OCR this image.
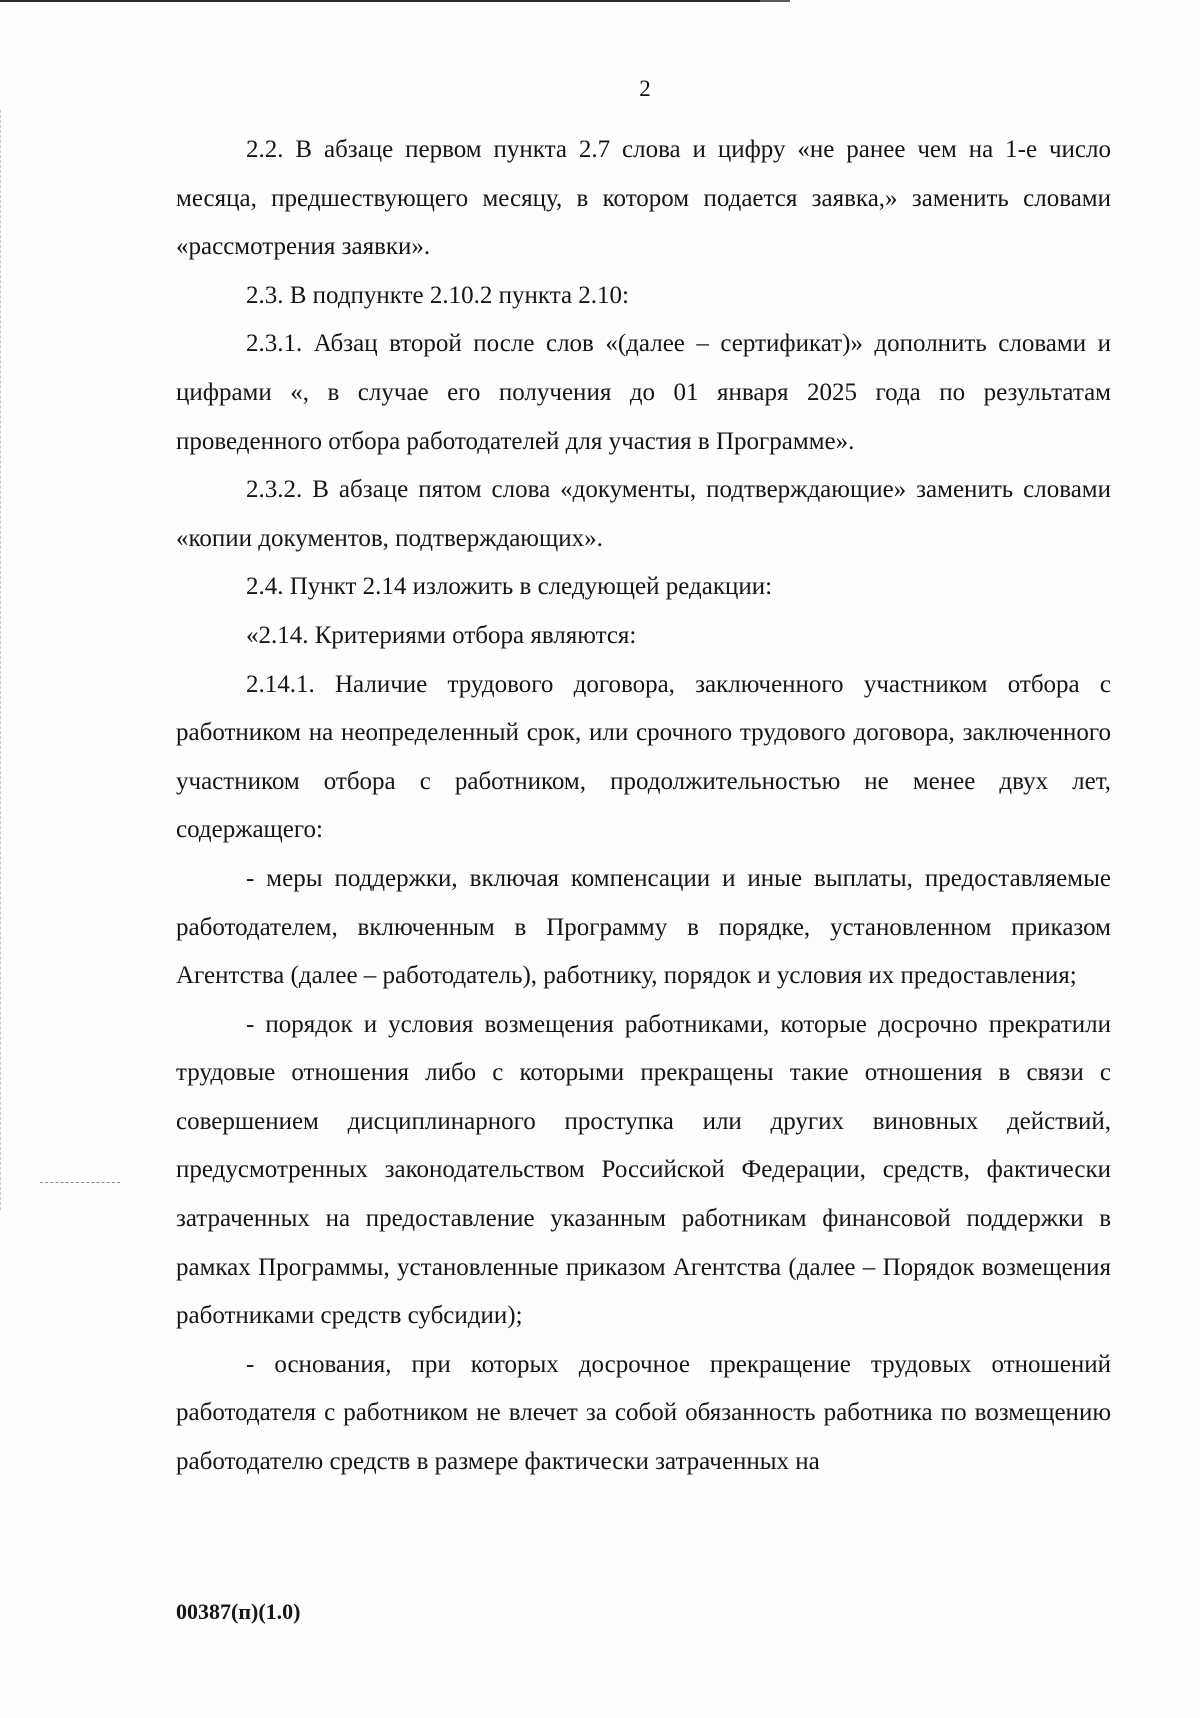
2

2.2. В абзаце первом пункта 2.7 слова и цифру «не ранее чем на 1-е число месяца, предшествующего месяцу, в котором подается заявка,» заменить словами «рассмотрения заявки».

2.3. В подпункте 2.10.2 пункта 2.10:

2.3.1. Абзац второй после слов «(далее – сертификат)» дополнить словами и цифрами «, в случае его получения до 01 января 2025 года по результатам проведенного отбора работодателей для участия в Программе».

2.3.2. В абзаце пятом слова «документы, подтверждающие» заменить словами «копии документов, подтверждающих».

2.4. Пункт 2.14 изложить в следующей редакции:

«2.14. Критериями отбора являются:

2.14.1. Наличие трудового договора, заключенного участником отбора с работником на неопределенный срок, или срочного трудового договора, заключенного участником отбора с работником, продолжительностью не менее двух лет, содержащего:

- меры поддержки, включая компенсации и иные выплаты, предоставляемые работодателем, включенным в Программу в порядке, установленном приказом Агентства (далее – работодатель), работнику, порядок и условия их предоставления;

- порядок и условия возмещения работниками, которые досрочно прекратили трудовые отношения либо с которыми прекращены такие отношения в связи с совершением дисциплинарного проступка или других виновных действий, предусмотренных законодательством Российской Федерации, средств, фактически затраченных на предоставление указанным работникам финансовой поддержки в рамках Программы, установленные приказом Агентства (далее – Порядок возмещения работниками средств субсидии);

- основания, при которых досрочное прекращение трудовых отношений работодателя с работником не влечет за собой обязанность работника по возмещению работодателю средств в размере фактически затраченных на

00387(п)(1.0)
